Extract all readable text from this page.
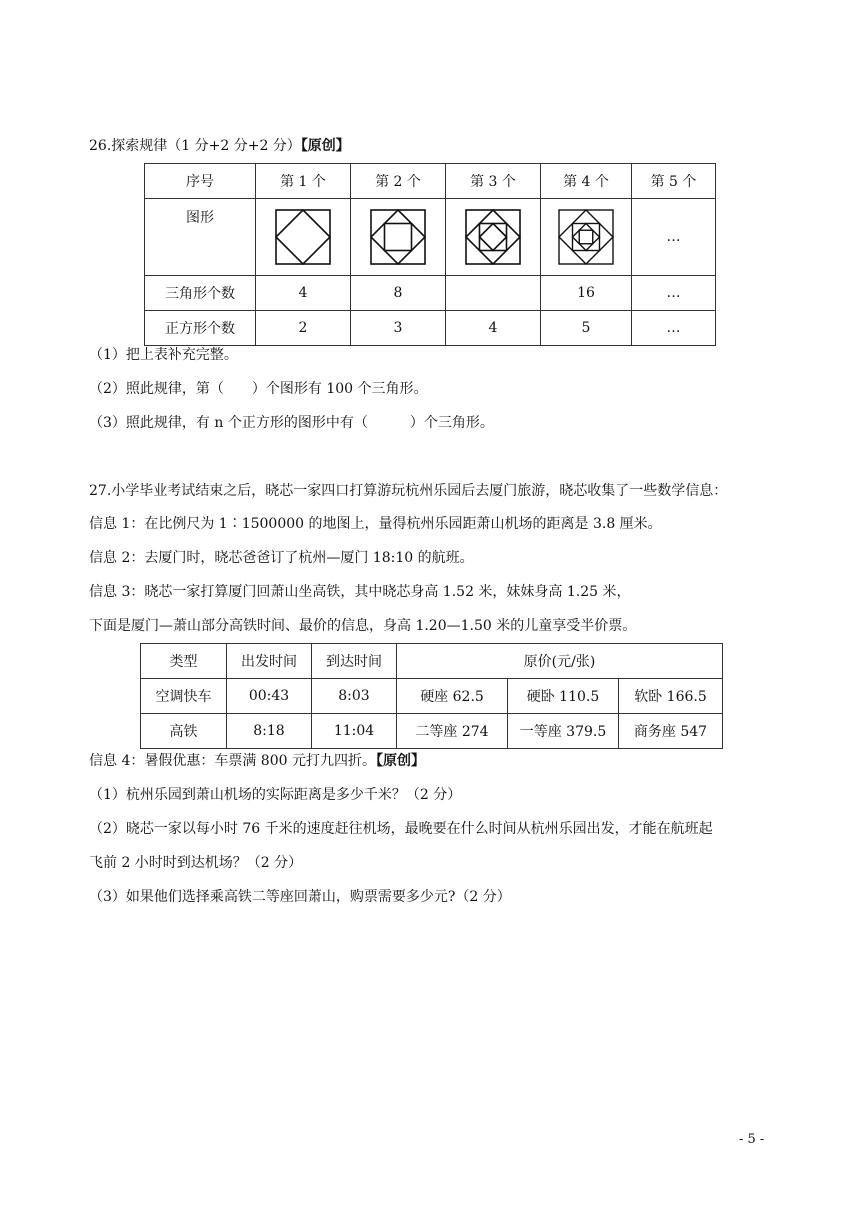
26.探索规律（1 分+2 分+2 分）【原创】
序号	第 1 个	第 2 个	第 3 个	第 4 个	第 5 个
图形					…
三角形个数	4	8		16	…
正方形个数	2	3	4	5	…
（1）把上表补充完整。
（2）照此规律，第（　　）个图形有 100 个三角形。
（3）照此规律，有 n 个正方形的图形中有（　　　）个三角形。
27.小学毕业考试结束之后，晓芯一家四口打算游玩杭州乐园后去厦门旅游，晓芯收集了一些数学信息：
信息 1：在比例尺为 1∶1500000 的地图上，量得杭州乐园距萧山机场的距离是 3.8 厘米。
信息 2：去厦门时，晓芯爸爸订了杭州—厦门 18:10 的航班。
信息 3：晓芯一家打算厦门回萧山坐高铁，其中晓芯身高 1.52 米，妹妹身高 1.25 米，
下面是厦门—萧山部分高铁时间、最价的信息，身高 1.20—1.50 米的儿童享受半价票。
类型	出发时间	到达时间	原价(元/张)		
空调快车	00:43	8:03	硬座 62.5	硬卧 110.5	软卧 166.5
高铁	8:18	11:04	二等座 274	一等座 379.5	商务座 547
信息 4：暑假优惠：车票满 800 元打九四折。【原创】
（1）杭州乐园到萧山机场的实际距离是多少千米？（2 分）
（2）晓芯一家以每小时 76 千米的速度赶往机场，最晚要在什么时间从杭州乐园出发，才能在航班起
飞前 2 小时时到达机场？（2 分）
（3）如果他们选择乘高铁二等座回萧山，购票需要多少元?（2 分）
- 5 -
